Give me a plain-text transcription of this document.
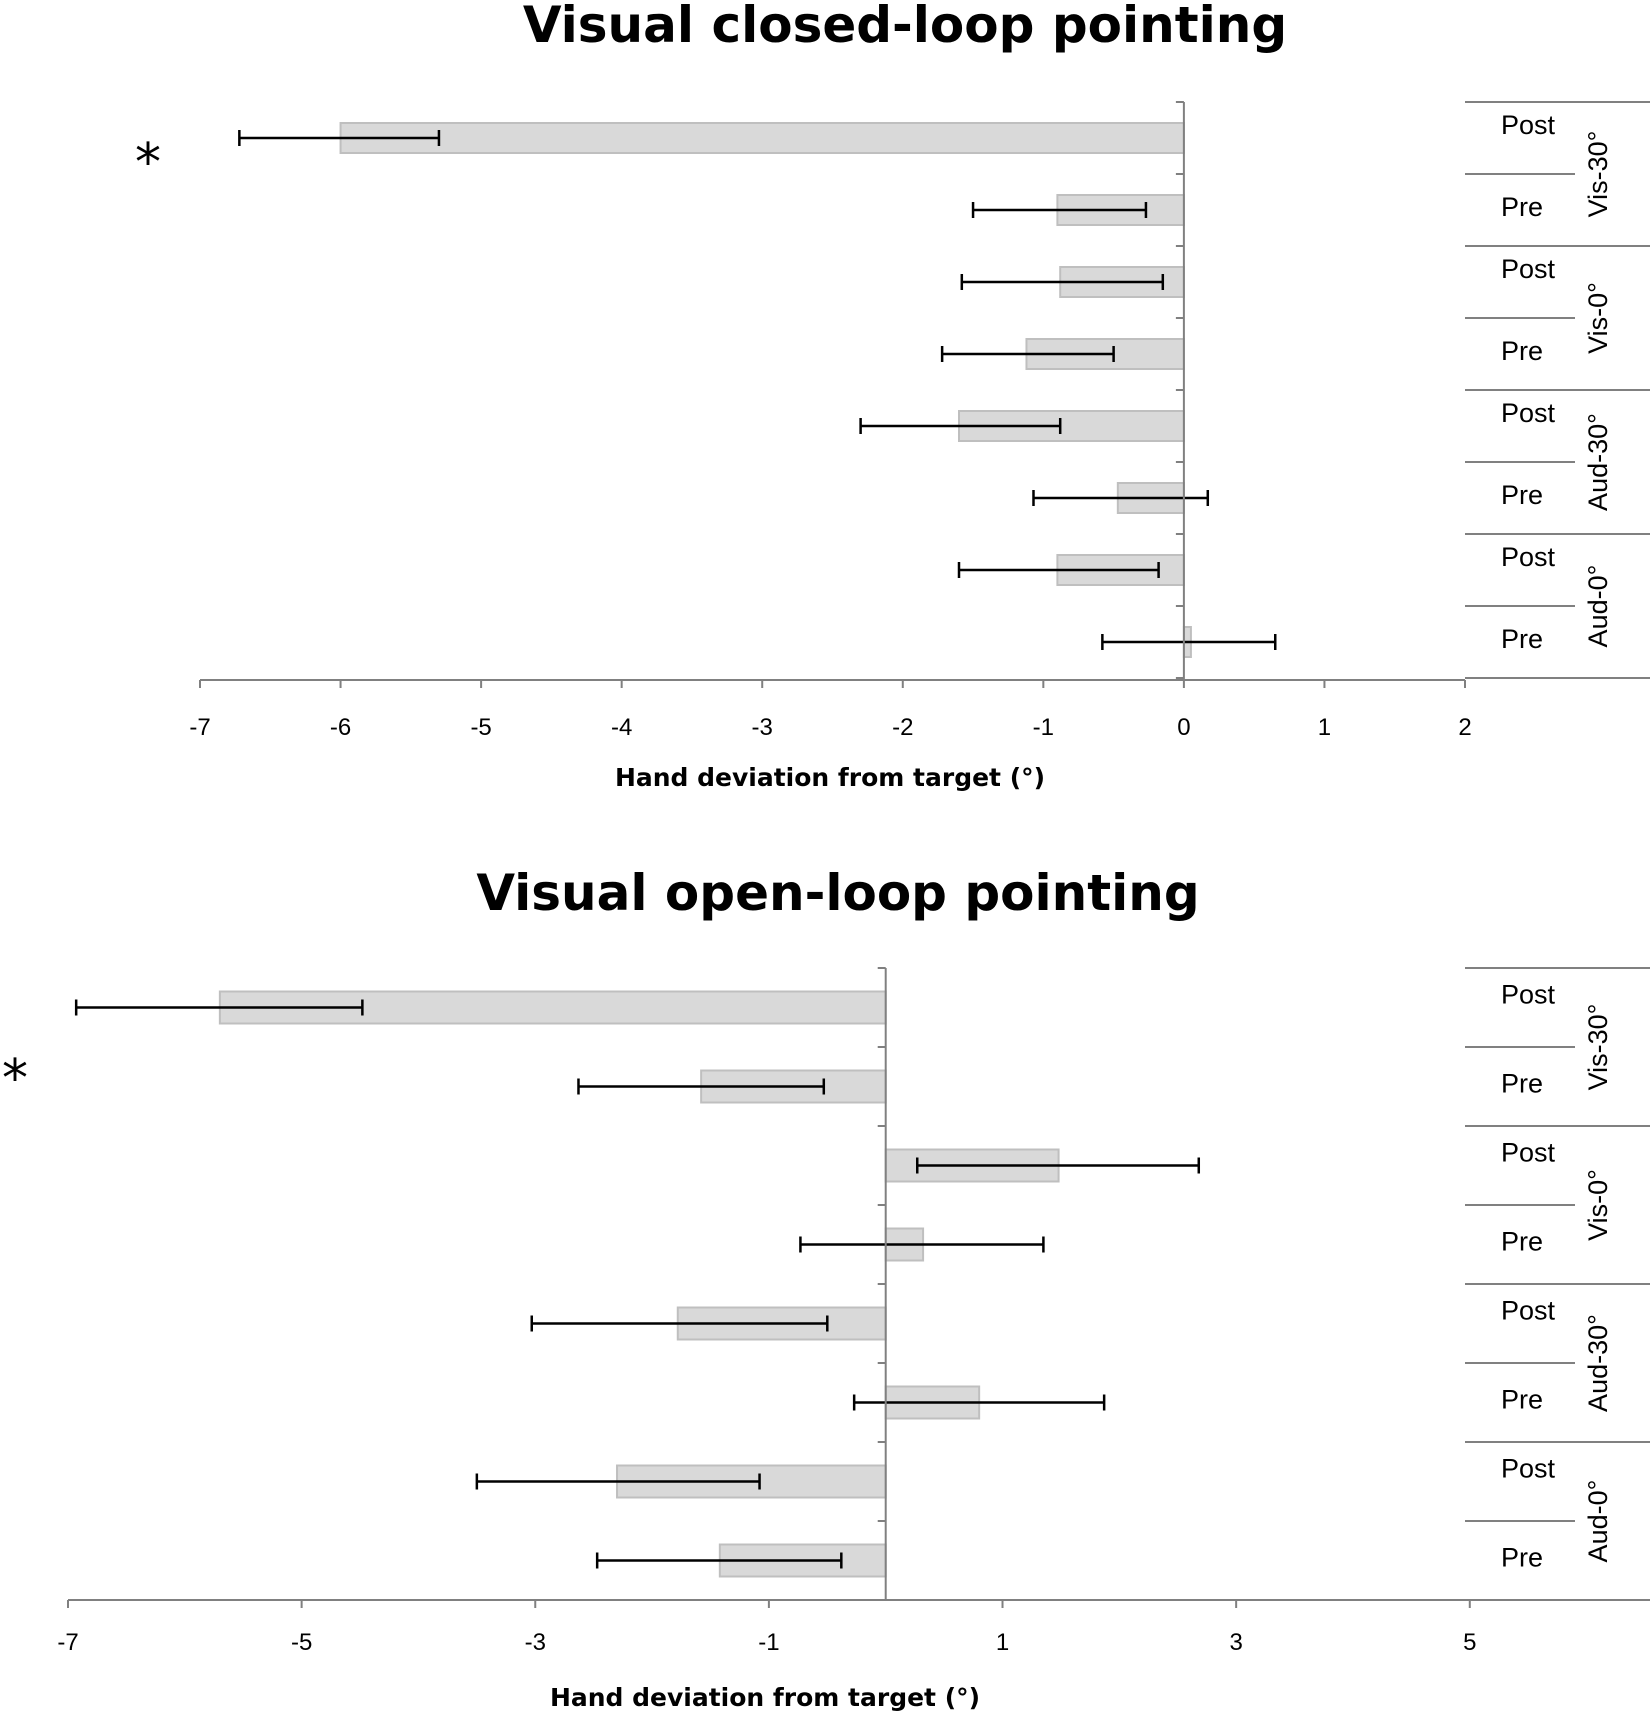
Visual closed-loop pointing
-7	-6	-5	-4	-3	-2	-1	0	1	2
Hand deviation from target (°)
Post
Pre
Post
Pre
Post
Pre
Post
Pre
Vis-30°
Vis-0°
Aud-30°
Aud-0°
*
Visual open-loop pointing
-7	-5	-3	-1	1	3	5
Hand deviation from target (°)
Post
Pre
Post
Pre
Post
Pre
Post
Pre
Vis-30°
Vis-0°
Aud-30°
Aud-0°
*
